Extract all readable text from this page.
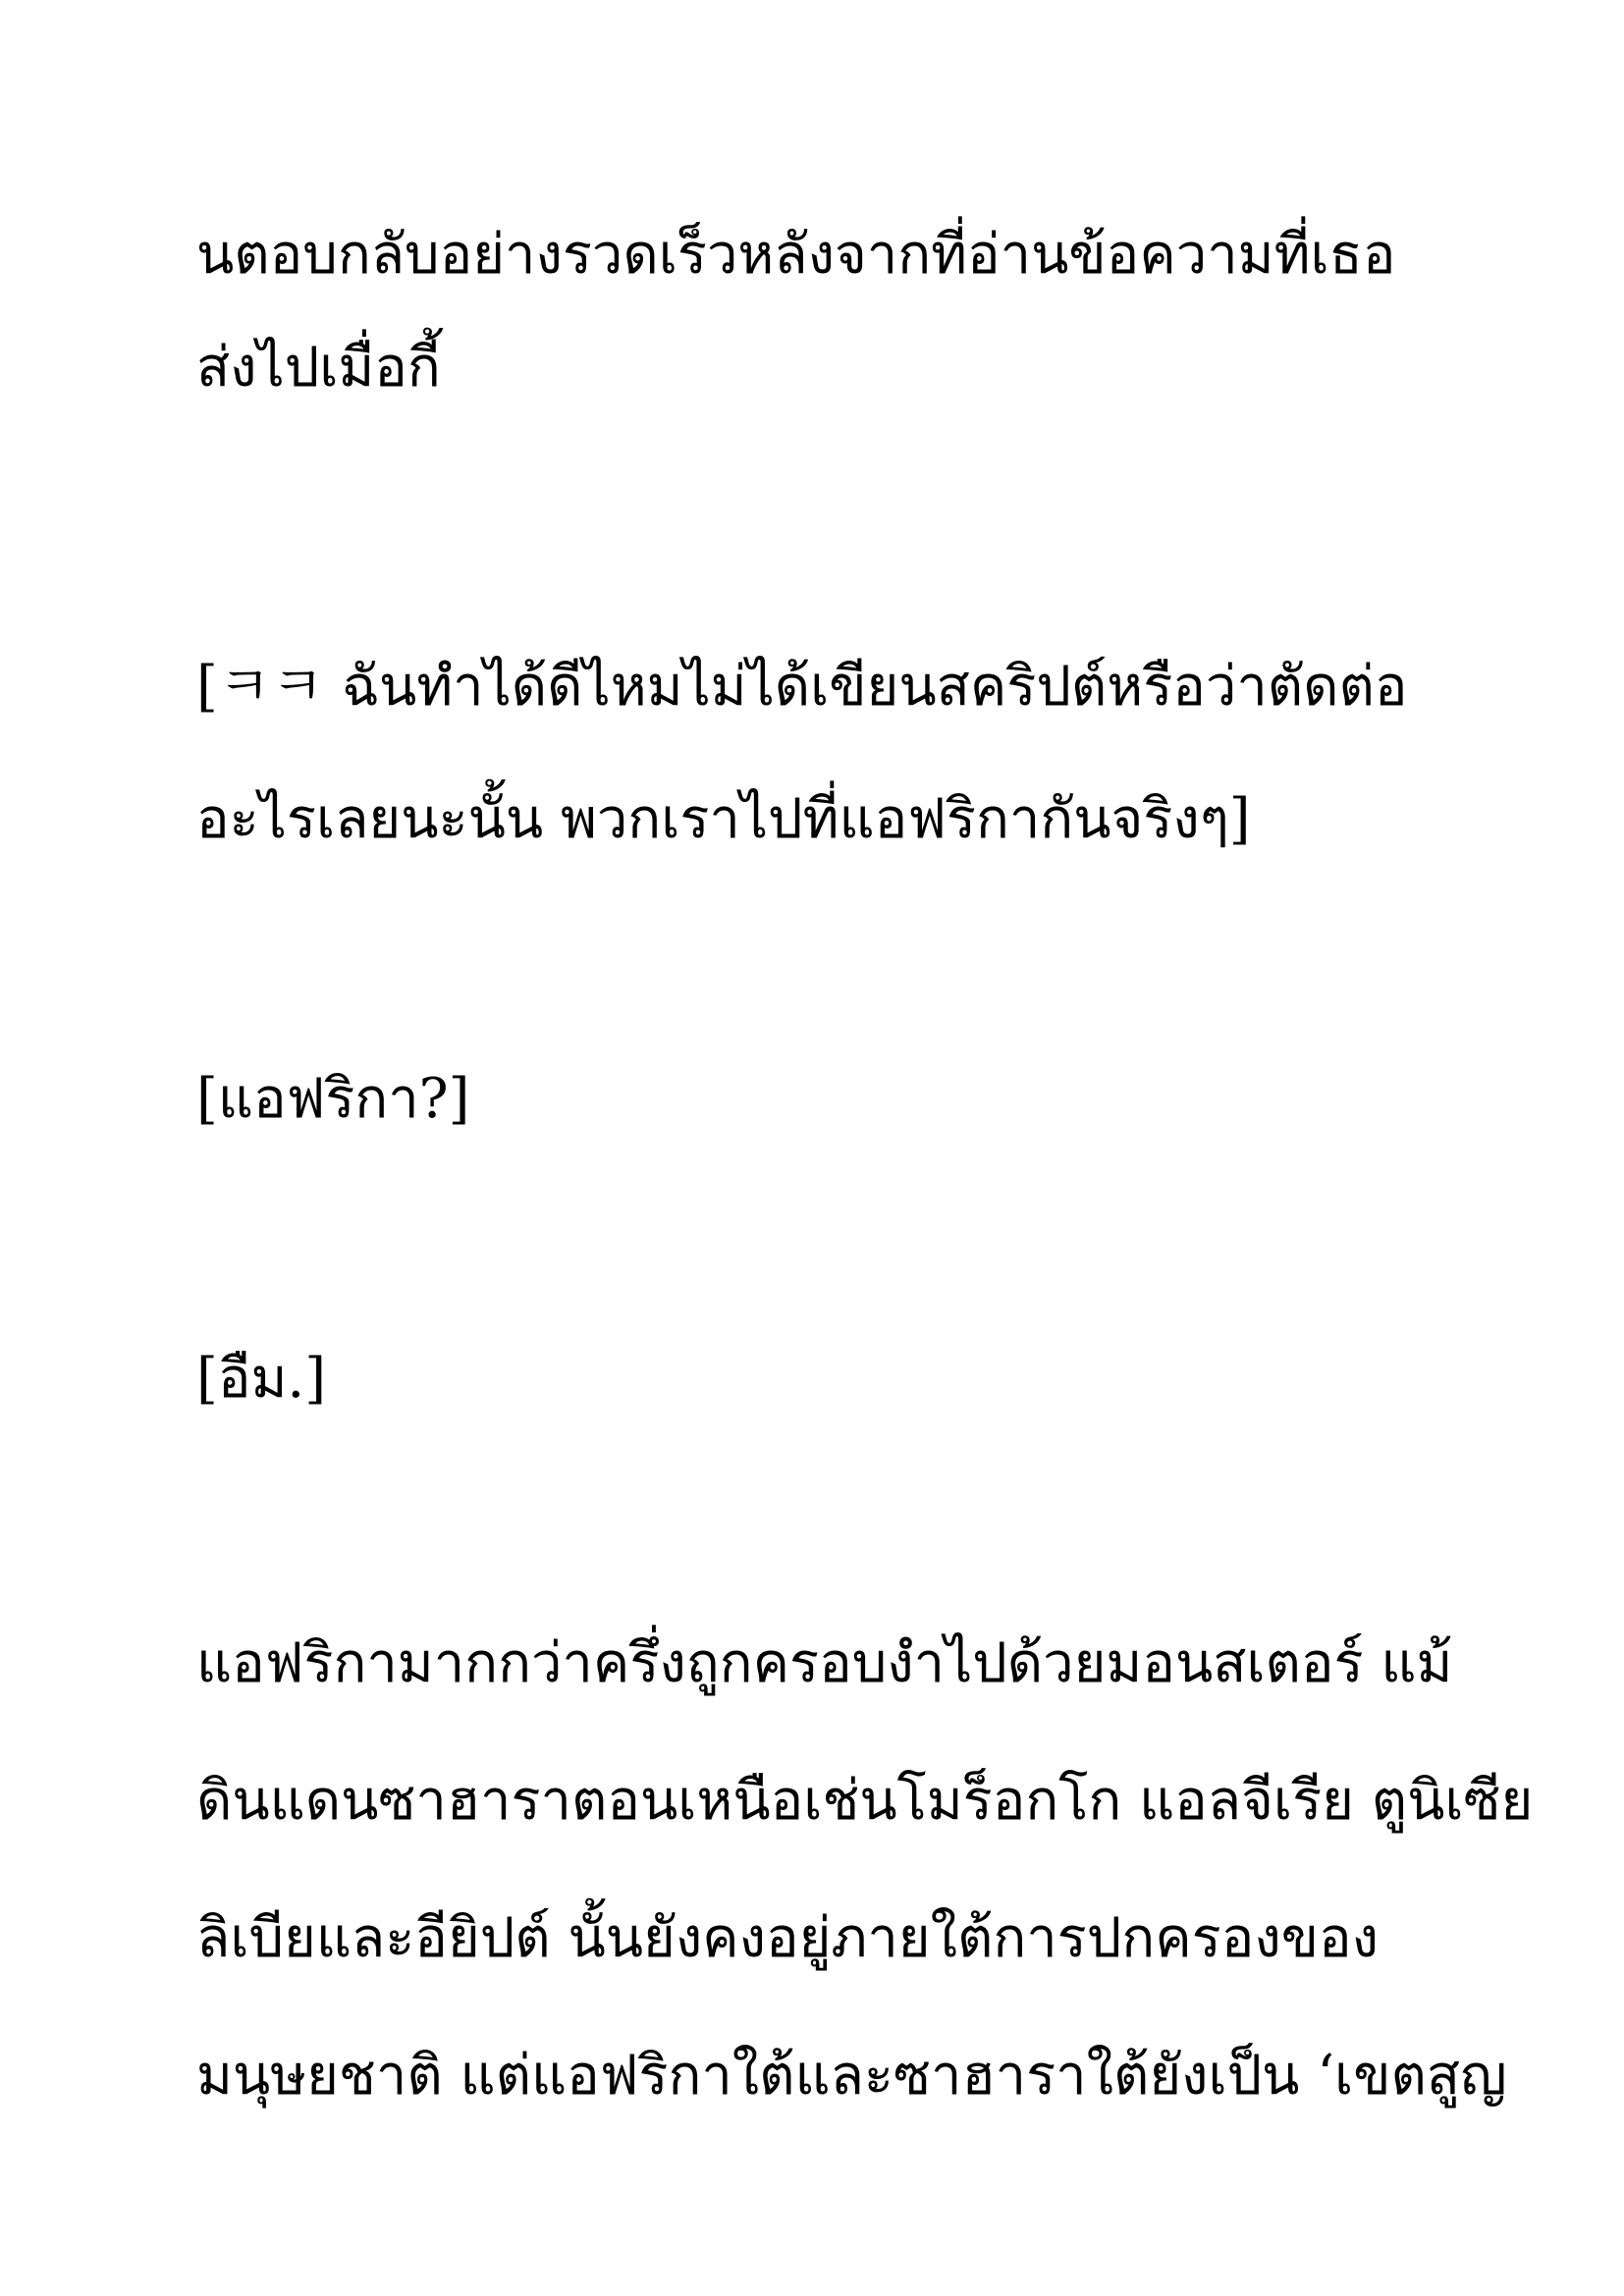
นตอบกลับอย่างรวดเร็วหลังจากที่อ่านข้อความที่เธอ

ส่งไปเมื่อกี้

[ㅋㅋ ฉันทำได้ดีไหมไม่ได้เขียนสคริปต์หรือว่าตัดต่อ

อะไรเลยนะนั้น พวกเราไปที่แอฟริกากันจริงๆ]

[แอฟริกา?]

[อืม.]

แอฟริกามากกว่าครึ่งถูกครอบงำไปด้วยมอนสเตอร์ แม้

ดินแดนซาฮาราตอนเหนือเช่นโมร็อกโก แอลจีเรีย ตูนิเซีย

ลิเบียและอียิปต์ นั้นยังคงอยู่ภายใต้การปกครองของ

มนุษยชาติ แต่แอฟริกาใต้และซาฮาราใต้ยังเป็น ‘เขตสูญ
